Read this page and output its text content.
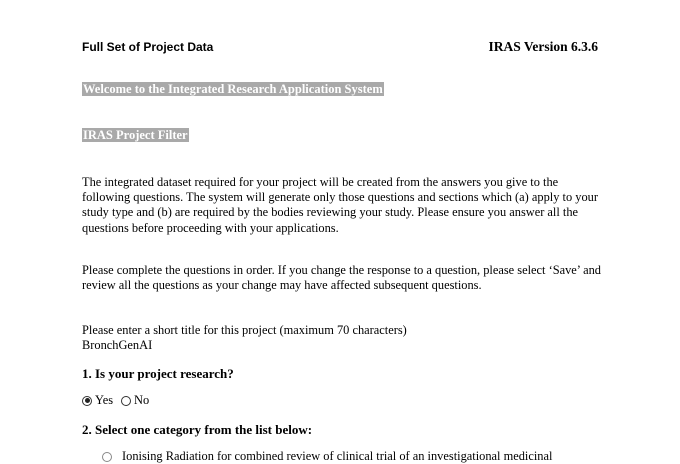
Full Set of Project Data	IRAS Version 6.3.6
Welcome to the Integrated Research Application System
IRAS Project Filter
The integrated dataset required for your project will be created from the answers you give to the following questions. The system will generate only those questions and sections which (a) apply to your study type and (b) are required by the bodies reviewing your study. Please ensure you answer all the questions before proceeding with your applications.
Please complete the questions in order. If you change the response to a question, please select ‘Save’ and review all the questions as your change may have affected subsequent questions.
Please enter a short title for this project (maximum 70 characters)
BronchGenAI
1. Is your project research?
Yes No
2. Select one category from the list below:
Ionising Radiation for combined review of clinical trial of an investigational medicinal
